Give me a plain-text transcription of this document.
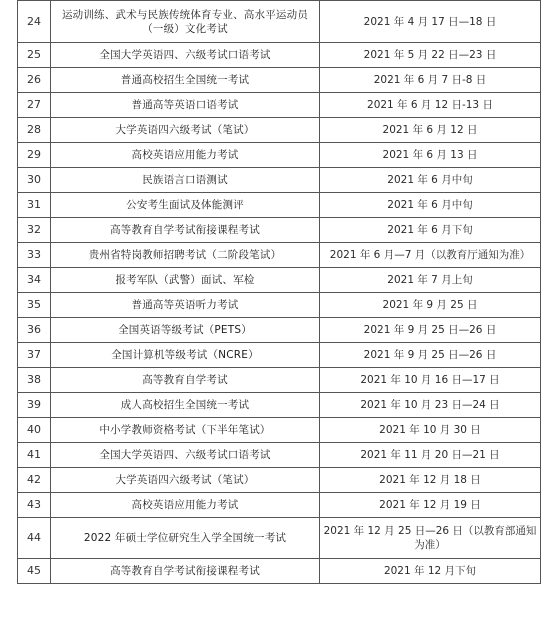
24	运动训练、武术与民族传统体育专业、高水平运动员（一级）文化考试	2021 年 4 月 17 日—18 日
25	全国大学英语四、六级考试口语考试	2021 年 5 月 22 日—23 日
26	普通高校招生全国统一考试	2021 年 6 月 7 日-8 日
27	普通高等英语口语考试	2021 年 6 月 12 日-13 日
28	大学英语四六级考试（笔试）	2021 年 6 月 12 日
29	高校英语应用能力考试	2021 年 6 月 13 日
30	民族语言口语测试	2021 年 6 月中旬
31	公安考生面试及体能测评	2021 年 6 月中旬
32	高等教育自学考试衔接课程考试	2021 年 6 月下旬
33	贵州省特岗教师招聘考试（二阶段笔试）	2021 年 6 月—7 月（以教育厅通知为准）
34	报考军队（武警）面试、军检	2021 年 7 月上旬
35	普通高等英语听力考试	2021 年 9 月 25 日
36	全国英语等级考试（PETS）	2021 年 9 月 25 日—26 日
37	全国计算机等级考试（NCRE）	2021 年 9 月 25 日—26 日
38	高等教育自学考试	2021 年 10 月 16 日—17 日
39	成人高校招生全国统一考试	2021 年 10 月 23 日—24 日
40	中小学教师资格考试（下半年笔试）	2021 年 10 月 30 日
41	全国大学英语四、六级考试口语考试	2021 年 11 月 20 日—21 日
42	大学英语四六级考试（笔试）	2021 年 12 月 18 日
43	高校英语应用能力考试	2021 年 12 月 19 日
44	2022 年硕士学位研究生入学全国统一考试	2021 年 12 月 25 日—26 日（以教育部通知为准）
45	高等教育自学考试衔接课程考试	2021 年 12 月下旬
